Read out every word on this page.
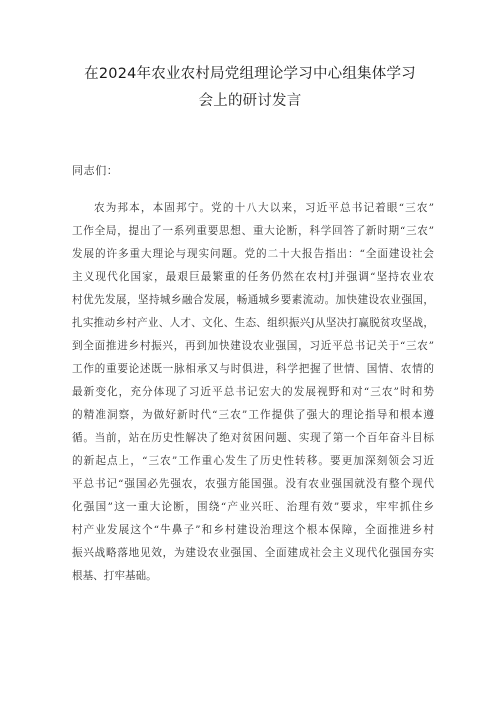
在2024年农业农村局党组理论学习中心组集体学习
会上的研讨发言
同志们：
农为邦本，本固邦宁。党的十八大以来，习近平总书记着眼“三农”
工作全局，提出了一系列重要思想、重大论断，科学回答了新时期“三农”
发展的许多重大理论与现实问题。党的二十大报告指出：“全面建设社会
主义现代化国家，最艰巨最繁重的任务仍然在农村J并强调“坚持农业农
村优先发展，坚持城乡融合发展，畅通城乡要素流动。加快建设农业强国，
扎实推动乡村产业、人才、文化、生态、组织振兴J从坚决打赢脱贫攻坚战，
到全面推进乡村振兴，再到加快建设农业强国，习近平总书记关于“三农”
工作的重要论述既一脉相承又与时俱进，科学把握了世情、国情、农情的
最新变化，充分体现了习近平总书记宏大的发展视野和对“三农”时和势
的精准洞察，为做好新时代“三农”工作提供了强大的理论指导和根本遵
循。当前，站在历史性解决了绝对贫困问题、实现了第一个百年奋斗目标
的新起点上，“三农”工作重心发生了历史性转移。要更加深刻领会习近
平总书记“强国必先强农，农强方能国强。没有农业强国就没有整个现代
化强国”这一重大论断，围绕“产业兴旺、治理有效”要求，牢牢抓住乡
村产业发展这个“牛鼻子”和乡村建设治理这个根本保障，全面推进乡村
振兴战略落地见效，为建设农业强国、全面建成社会主义现代化强国夯实
根基、打牢基础。
